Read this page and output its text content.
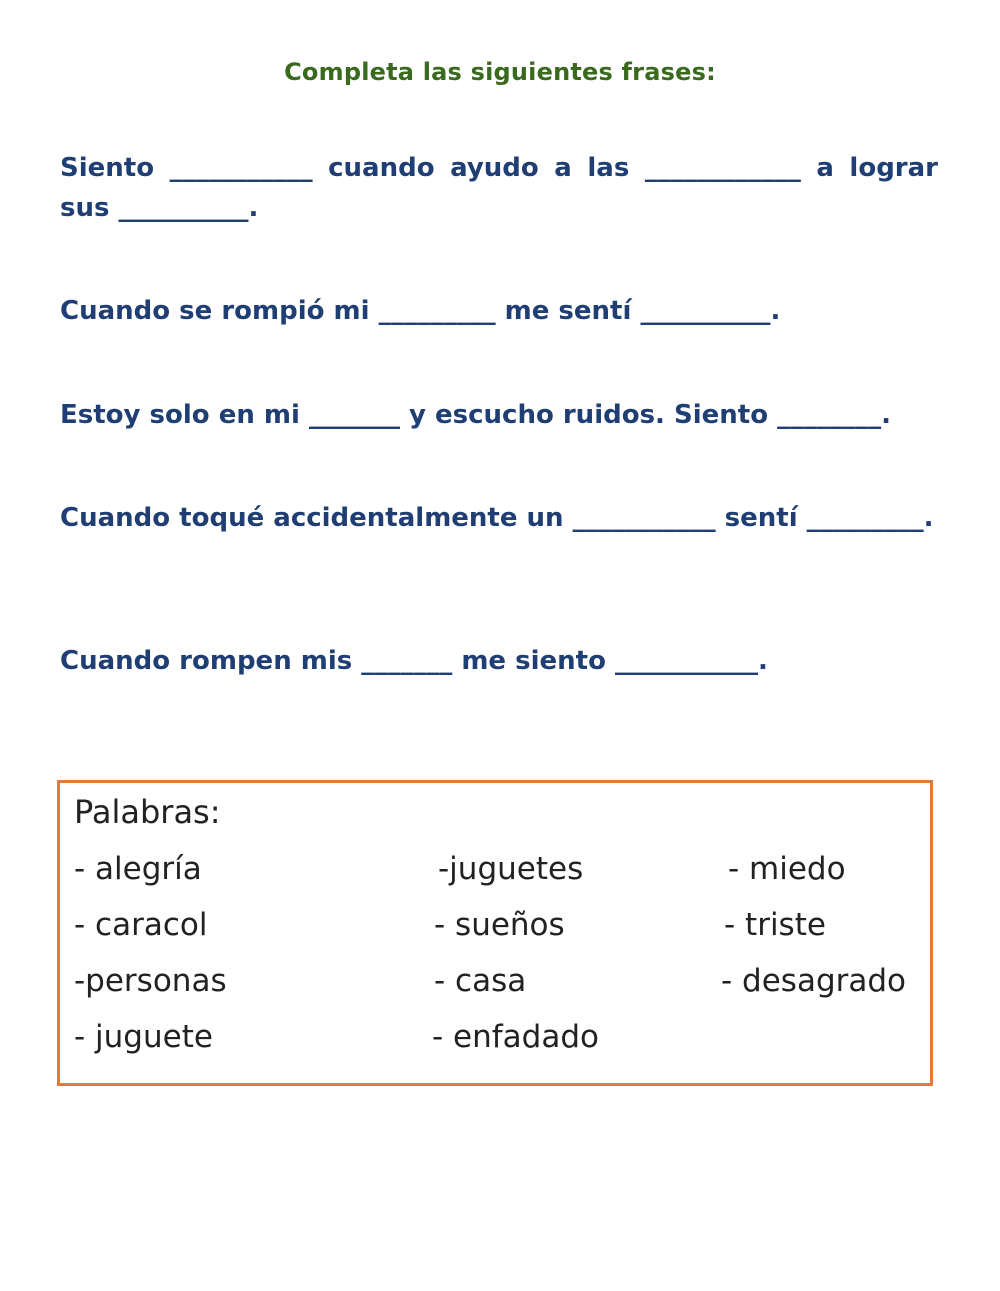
Completa las siguientes frases:
Siento ___________ cuando ayudo a las ____________ a lograr sus __________.
Cuando se rompió mi _________ me sentí __________.
Estoy solo en mi _______ y escucho ruidos. Siento ________.
Cuando toqué accidentalmente un ___________ sentí _________.
Cuando rompen mis _______ me siento ___________.
Palabras:
- alegría
- caracol
-personas
- juguete
-juguetes
- sueños
- casa
- enfadado
- miedo
- triste
- desagrado
